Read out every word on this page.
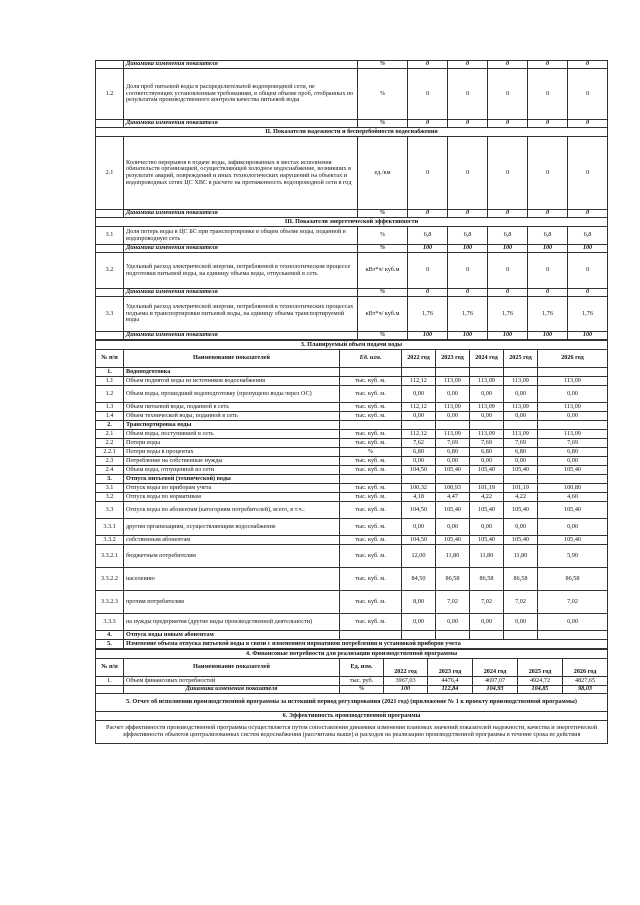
	Динамика изменения показателя	%	0	0	0	0	0
1.2	Доля проб питьевой воды в распределительной водопроводной сети, не соответствующих установленным требованиям, в общем объеме проб, отобранных по результатам производственного контроля качества питьевой воды	%	0	0	0	0	0
	Динамика изменения показателя	%	0	0	0	0	0
II. Показатели надежности и бесперебойности водоснабжения							
2.1	Количество перерывов в подаче воды, зафиксированных в местах исполнения обязательств организацией, осуществляющей холодное водоснабжение, возникших в результате аварий, повреждений и иных технологических нарушений на объектах и водопроводных сетях ЦС ХВС в расчете на протяженность водопроводной сети в год	ед./км	0	0	0	0	0
	Динамика изменения показателя	%	0	0	0	0	0
III. Показатели энергетической эффективности							
3.1	Доля потерь воды в ЦС БС при транспортировке в общем объеме воды, поданной в водопроводную сеть	%	6,8	6,8	6,8	6,8	6,8
	Динамика изменения показателя	%	100	100	100	100	100
3.2	Удельный расход электрической энергии, потребляемой в технологическом процессе подготовки питьевой воды, на единицу объема воды, отпускаемой в сеть	кВт*ч/ куб.м	0	0	0	0	0
	Динамика изменения показателя	%	0	0	0	0	0
3.3	Удельный расход электрической энергии, потребляемой в технологических процессах подъема и транспортировки питьевой воды, на единицу объема транспортируемой воды	кВт*ч/ куб.м	1,76	1,76	1,76	1,76	1,76
	Динамика изменения показателя	%	100	100	100	100	100
3. Планируемый объем подачи воды							
№ п/п	Наименование показателей	Ед. изм.	2022 год	2023 год	2024 год	2025 год	2026 год
1.	Водоподготовка						
1.1	Объем поднятой воды из источников водоснабжения	тыс. куб. м.	112,12	113,09	113,09	113,09	113,09
1.2	Объем воды, прошедший водоподготовку (пропущено воды через ОС)	тыс. куб. м.	0,00	0,00	0,00	0,00	0,00
1.3	Объем питьевой воды, поданной в сеть	тыс. куб. м.	112,12	113,09	113,09	113,09	113,09
1.4	Объем технической воды, поданной в сеть	тыс. куб. м.	0,00	0,00	0,00	0,00	0,00
2.	Транспортировка воды						
2.1	Объем воды, поступившей в сеть	тыс. куб. м.	112,12	113,09	113,09	113,09	113,09
2.2	Потери воды	тыс. куб. м.	7,62	7,69	7,69	7,69	7,69
2.2.1	Потери воды в процентах	%	6,80	6,80	6,80	6,80	6,80
2.3	Потребление на собственные нужды	тыс. куб. м.	0,00	0,00	0,00	0,00	0,00
2.4	Объем воды, отпущенной из сети	тыс. куб. м.	104,50	105,40	105,40	105,40	105,40
3.	Отпуск питьевой (технической) воды						
3.1	Отпуск воды по приборам учета	тыс. куб. м.	100,32	100,93	101,19	101,19	100,80
3.2	Отпуск воды по нормативам	тыс. куб. м.	4,18	4,47	4,22	4,22	4,60
3.3	Отпуск воды по абонентам (категориям потребителей), всего, в т.ч.:	тыс. куб. м.	104,50	105,40	105,40	105,40	105,40
3.3.1	другим организациям, осуществляющим водоснабжение	тыс. куб. м.	0,00	0,00	0,00	0,00	0,00
3.3.2	собственным абонентам	тыс. куб. м.	104,50	105,40	105,40	105,40	105,40
3.3.2.1	бюджетным потребителям	тыс. куб. м.	12,00	11,80	11,80	11,80	5,90
3.3.2.2	населению	тыс. куб. м.	84,50	86,58	86,58	86,58	86,58
3.3.2.3	прочим потребителям	тыс. куб. м.	8,00	7,02	7,02	7,02	7,02
3.3.3	на нужды предприятия (другие виды производственной деятельности)	тыс. куб. м.	0,00	0,00	0,00	0,00	0,00
4.	Отпуск воды новым абонентам						
5.	Изменение объема отпуска питьевой воды в связи с изменением нормативов потребления и установкой приборов учета						
4. Финансовые потребности для реализации производственной программы							
№ п/п	Наименование показателей	Ед. изм.	2022 год	2023 год	2024 год	2025 год	2026 год
1.	Объем финансовых потребностей	тыс. руб.	3967,03	4476,4	4697,07	4924,72	4827,65
	Динамика изменения показателя	%	100	112,84	104,93	104,85	98,03
5. Отчет об исполнении производственной программы за истекший период регулирования (2021 год) (приложение № 1 к проекту производственной программы)							
6. Эффективность производственной программы							
Расчет эффективности производственной программы осуществляется путем сопоставления динамики изменения плановых значений показателей надежности, качества и энергетической эффективности объектов централизованных систем водоснабжения (рассчитаны выше) и расходов на реализацию производственной программы в течение срока ее действия							
